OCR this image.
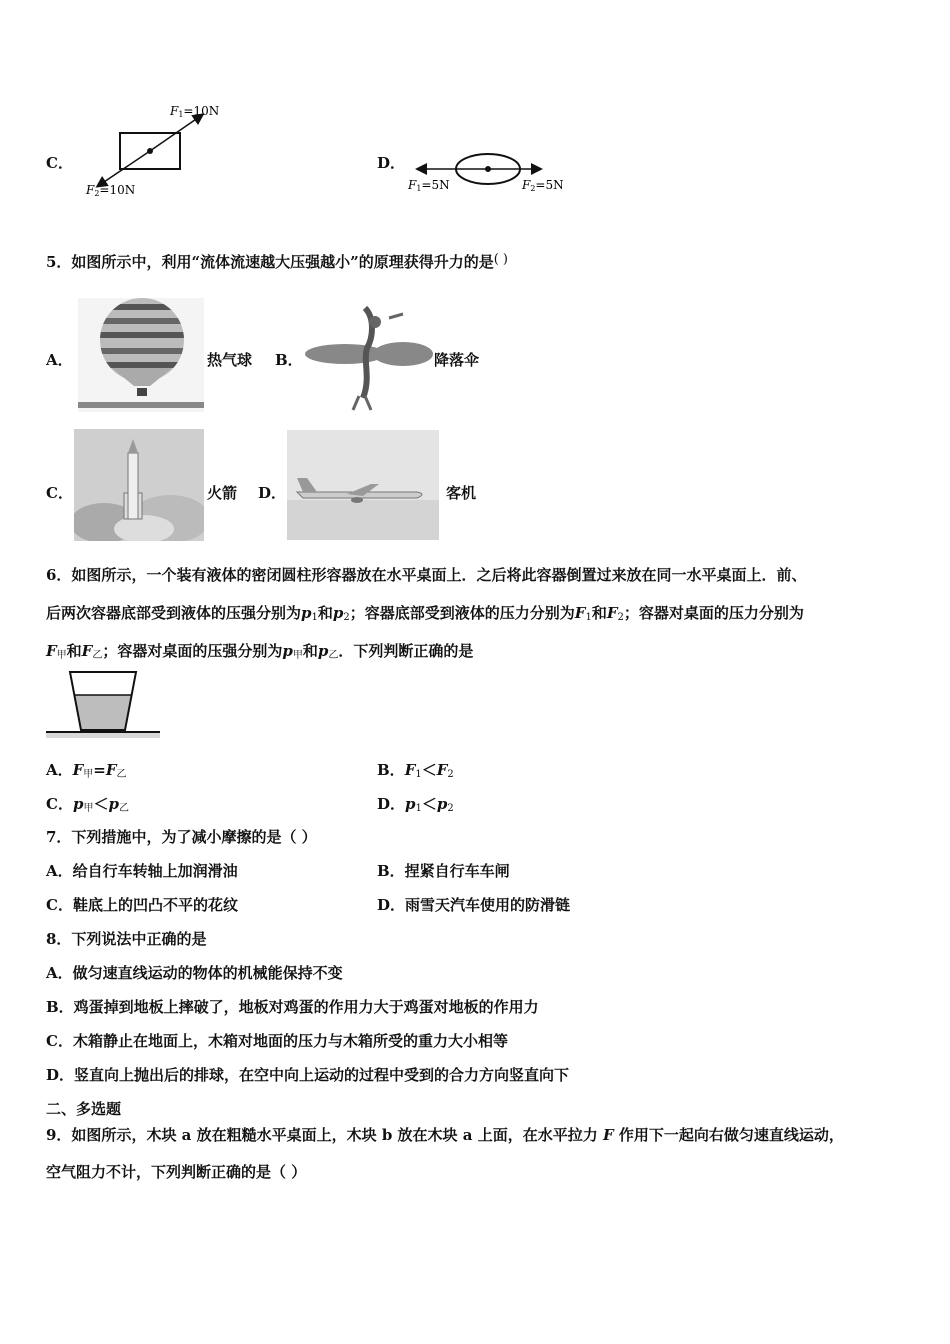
C．
F1=10N
F2=10N
D．
F1=5N	F2=5N
5．如图所示中，利用“流体流速越大压强越小”的原理获得升力的是( )
A．	热气球 B．	降落伞
C．	火箭 D．	客机
6．如图所示，一个装有液体的密闭圆柱形容器放在水平桌面上．之后将此容器倒置过来放在同一水平桌面上．前、
后两次容器底部受到液体的压强分别为$p_1$和$p_2$；容器底部受到液体的压力分别为$F_1$和$F_2$；容器对桌面的压力分别为
$F_甲$和$F_乙$；容器对桌面的压强分别为$p_甲$和$p_乙$．下列判断正确的是
A．$F_甲=F_乙$	B．$F_1<F_2$
C．$p_甲<p_乙$	D．$p_1<p_2$
7．下列措施中，为了减小摩擦的是（ ）
A．给自行车转轴上加润滑油	B．捏紧自行车车闸
C．鞋底上的凹凸不平的花纹	D．雨雪天汽车使用的防滑链
8．下列说法中正确的是
A．做匀速直线运动的物体的机械能保持不变
B．鸡蛋掉到地板上摔破了，地板对鸡蛋的作用力大于鸡蛋对地板的作用力
C．木箱静止在地面上，木箱对地面的压力与木箱所受的重力大小相等
D．竖直向上抛出后的排球，在空中向上运动的过程中受到的合力方向竖直向下
二、多选题
9．如图所示，木块 a 放在粗糙水平桌面上，木块 b 放在木块 a 上面，在水平拉力 F 作用下一起向右做匀速直线运动，
空气阻力不计，下列判断正确的是（ ）
